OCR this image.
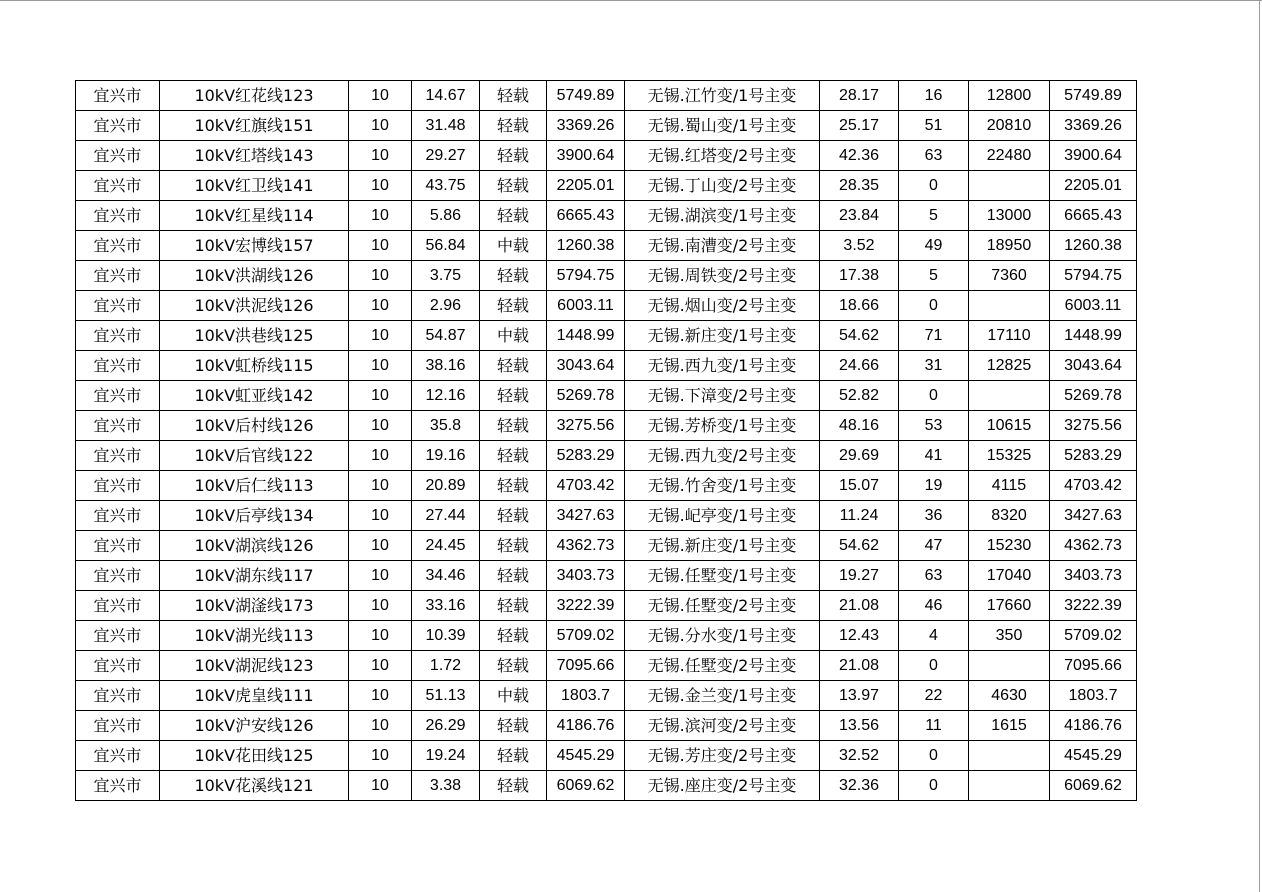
宜兴市	10kV红花线123	10	14.67	轻载	5749.89	无锡.江竹变/1号主变	28.17	16	12800	5749.89
宜兴市	10kV红旗线151	10	31.48	轻载	3369.26	无锡.蜀山变/1号主变	25.17	51	20810	3369.26
宜兴市	10kV红塔线143	10	29.27	轻载	3900.64	无锡.红塔变/2号主变	42.36	63	22480	3900.64
宜兴市	10kV红卫线141	10	43.75	轻载	2205.01	无锡.丁山变/2号主变	28.35	0		2205.01
宜兴市	10kV红星线114	10	5.86	轻载	6665.43	无锡.湖滨变/1号主变	23.84	5	13000	6665.43
宜兴市	10kV宏博线157	10	56.84	中载	1260.38	无锡.南漕变/2号主变	3.52	49	18950	1260.38
宜兴市	10kV洪湖线126	10	3.75	轻载	5794.75	无锡.周铁变/2号主变	17.38	5	7360	5794.75
宜兴市	10kV洪泥线126	10	2.96	轻载	6003.11	无锡.烟山变/2号主变	18.66	0		6003.11
宜兴市	10kV洪巷线125	10	54.87	中载	1448.99	无锡.新庄变/1号主变	54.62	71	17110	1448.99
宜兴市	10kV虹桥线115	10	38.16	轻载	3043.64	无锡.西九变/1号主变	24.66	31	12825	3043.64
宜兴市	10kV虹亚线142	10	12.16	轻载	5269.78	无锡.下漳变/2号主变	52.82	0		5269.78
宜兴市	10kV后村线126	10	35.8	轻载	3275.56	无锡.芳桥变/1号主变	48.16	53	10615	3275.56
宜兴市	10kV后官线122	10	19.16	轻载	5283.29	无锡.西九变/2号主变	29.69	41	15325	5283.29
宜兴市	10kV后仁线113	10	20.89	轻载	4703.42	无锡.竹舍变/1号主变	15.07	19	4115	4703.42
宜兴市	10kV后亭线134	10	27.44	轻载	3427.63	无锡.屺亭变/1号主变	11.24	36	8320	3427.63
宜兴市	10kV湖滨线126	10	24.45	轻载	4362.73	无锡.新庄变/1号主变	54.62	47	15230	4362.73
宜兴市	10kV湖东线117	10	34.46	轻载	3403.73	无锡.任墅变/1号主变	19.27	63	17040	3403.73
宜兴市	10kV湖滏线173	10	33.16	轻载	3222.39	无锡.任墅变/2号主变	21.08	46	17660	3222.39
宜兴市	10kV湖光线113	10	10.39	轻载	5709.02	无锡.分水变/1号主变	12.43	4	350	5709.02
宜兴市	10kV湖泥线123	10	1.72	轻载	7095.66	无锡.任墅变/2号主变	21.08	0		7095.66
宜兴市	10kV虎皇线111	10	51.13	中载	1803.7	无锡.金兰变/1号主变	13.97	22	4630	1803.7
宜兴市	10kV沪安线126	10	26.29	轻载	4186.76	无锡.滨河变/2号主变	13.56	11	1615	4186.76
宜兴市	10kV花田线125	10	19.24	轻载	4545.29	无锡.芳庄变/2号主变	32.52	0		4545.29
宜兴市	10kV花溪线121	10	3.38	轻载	6069.62	无锡.座庄变/2号主变	32.36	0		6069.62
